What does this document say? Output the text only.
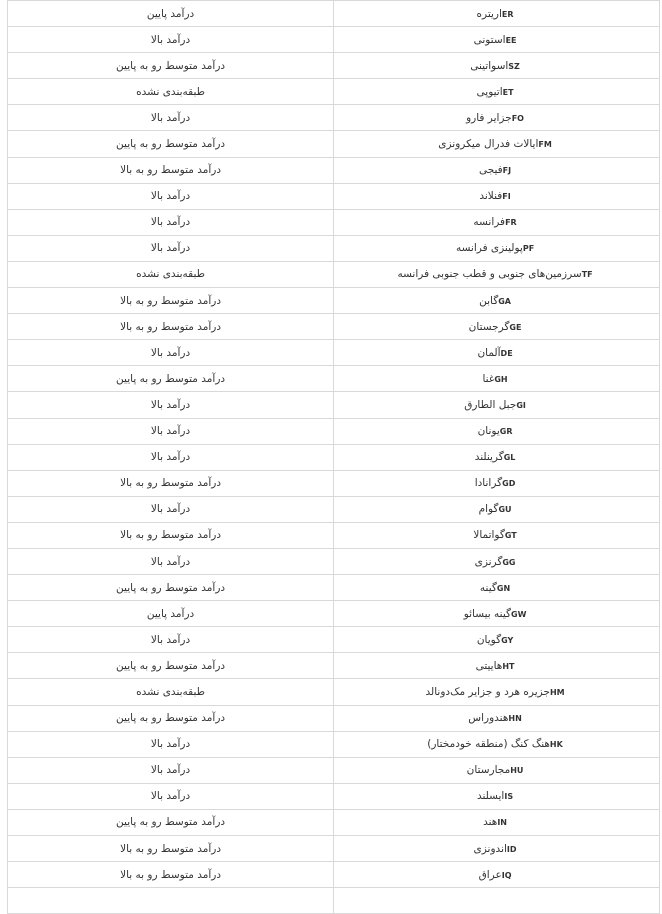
درآمد پایین	ERاریتره
درآمد بالا	EEاستونی
درآمد متوسط رو به پایین	SZاسواتینی
طبقه‌بندی نشده	ETاتیوپی
درآمد بالا	FOجزایر فارو
درآمد متوسط رو به پایین	FMایالات فدرال میکرونزی
درآمد متوسط رو به بالا	FJفیجی
درآمد بالا	FIفنلاند
درآمد بالا	FRفرانسه
درآمد بالا	PFپولینزی فرانسه
طبقه‌بندی نشده	TFسرزمین‌های جنوبی و قطب جنوبی فرانسه
درآمد متوسط رو به بالا	GAگابن
درآمد متوسط رو به بالا	GEگرجستان
درآمد بالا	DEآلمان
درآمد متوسط رو به پایین	GHغنا
درآمد بالا	GIجبل الطارق
درآمد بالا	GRیونان
درآمد بالا	GLگرینلند
درآمد متوسط رو به بالا	GDگرانادا
درآمد بالا	GUگوام
درآمد متوسط رو به بالا	GTگواتمالا
درآمد بالا	GGگرنزی
درآمد متوسط رو به پایین	GNگینه
درآمد پایین	GWگینه بیسائو
درآمد بالا	GYگویان
درآمد متوسط رو به پایین	HTهاییتی
طبقه‌بندی نشده	HMجزیره هرد و جزایر مک‌دونالد
درآمد متوسط رو به پایین	HNهندوراس
درآمد بالا	HKهنگ کنگ (منطقه خودمختار)
درآمد بالا	HUمجارستان
درآمد بالا	ISایسلند
درآمد متوسط رو به پایین	INهند
درآمد متوسط رو به بالا	IDاندونزی
درآمد متوسط رو به بالا	IQعراق
